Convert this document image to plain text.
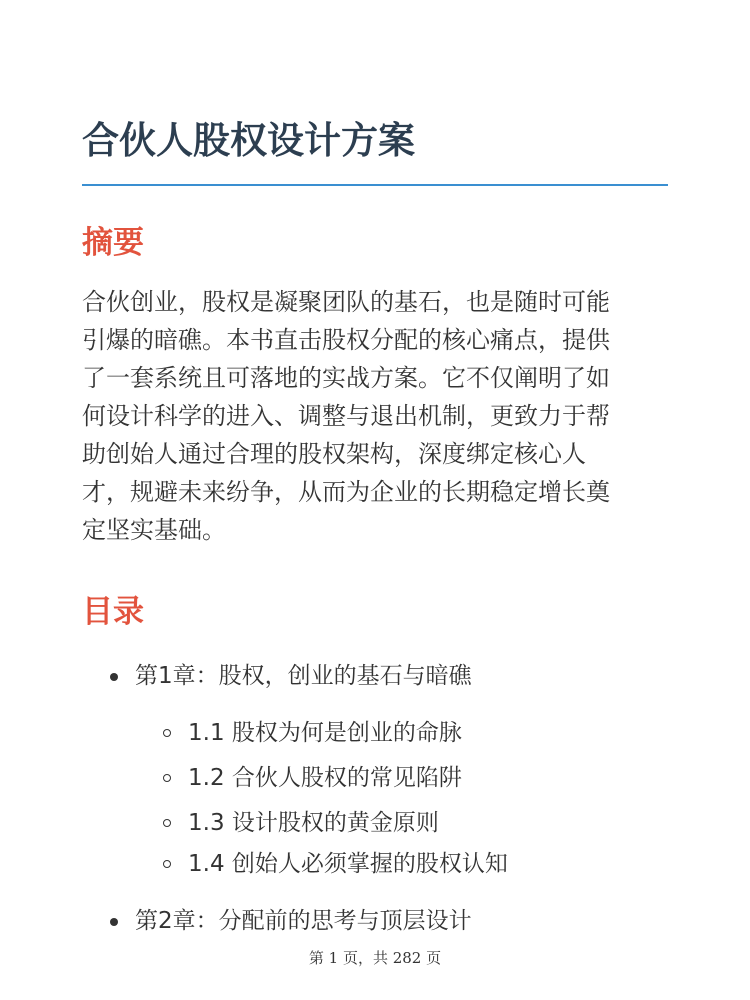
合伙人股权设计方案
摘要

合伙创业，股权是凝聚团队的基石，也是随时可能
引爆的暗礁。本书直击股权分配的核心痛点，提供
了一套系统且可落地的实战方案。它不仅阐明了如
何设计科学的进入、调整与退出机制，更致力于帮
助创始人通过合理的股权架构，深度绑定核心人
才，规避未来纷争，从而为企业的长期稳定增长奠
定坚实基础。

目录
第1章：股权，创业的基石与暗礁
1.1 股权为何是创业的命脉
1.2 合伙人股权的常见陷阱
1.3 设计股权的黄金原则
1.4 创始人必须掌握的股权认知
第2章：分配前的思考与顶层设计
第 1 页，共 282 页
